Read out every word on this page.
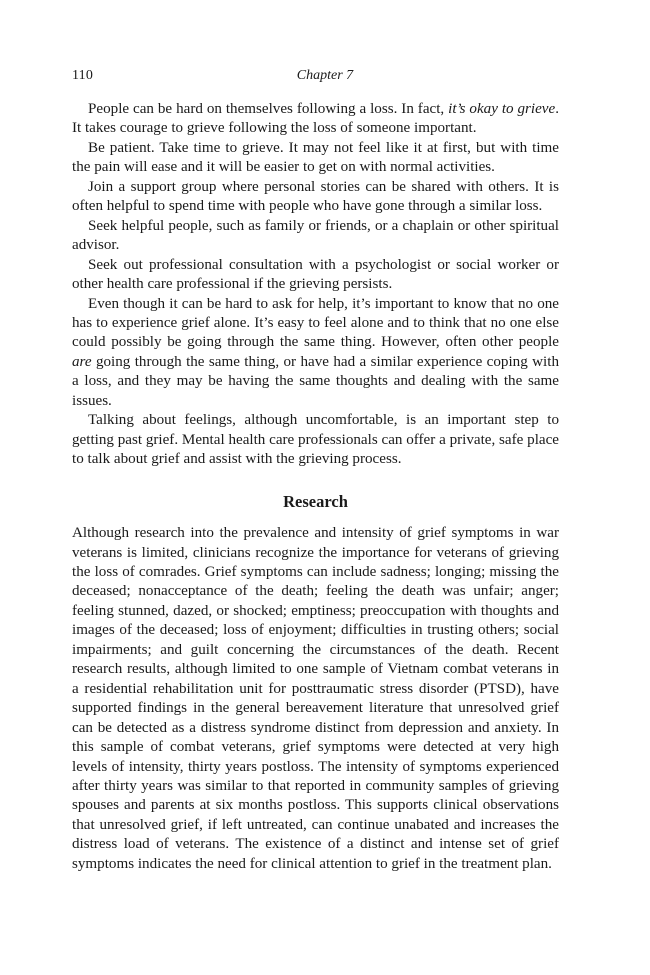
110	Chapter 7

People can be hard on themselves following a loss. In fact, it’s okay to grieve. It takes courage to grieve following the loss of someone important.

Be patient. Take time to grieve. It may not feel like it at first, but with time the pain will ease and it will be easier to get on with normal activities.

Join a support group where personal stories can be shared with others. It is often helpful to spend time with people who have gone through a similar loss.

Seek helpful people, such as family or friends, or a chaplain or other spiritual advisor.

Seek out professional consultation with a psychologist or social worker or other health care professional if the grieving persists.

Even though it can be hard to ask for help, it’s important to know that no one has to experience grief alone. It’s easy to feel alone and to think that no one else could possibly be going through the same thing. However, often other people are going through the same thing, or have had a similar experience coping with a loss, and they may be having the same thoughts and dealing with the same issues.

Talking about feelings, although uncomfortable, is an important step to getting past grief. Mental health care professionals can offer a private, safe place to talk about grief and assist with the grieving process.

Research

Although research into the prevalence and intensity of grief symptoms in war veterans is limited, clinicians recognize the importance for veterans of grieving the loss of comrades. Grief symptoms can include sadness; longing; missing the deceased; nonacceptance of the death; feeling the death was unfair; anger; feeling stunned, dazed, or shocked; emptiness; preoccupation with thoughts and images of the deceased; loss of enjoyment; difficulties in trusting others; social impairments; and guilt concerning the circumstances of the death. Recent research results, although limited to one sample of Vietnam combat veterans in a residential rehabilitation unit for posttraumatic stress disorder (PTSD), have supported findings in the general bereavement literature that unresolved grief can be detected as a distress syndrome distinct from depression and anxiety. In this sample of combat veterans, grief symptoms were detected at very high levels of intensity, thirty years postloss. The intensity of symptoms experienced after thirty years was similar to that reported in community samples of grieving spouses and parents at six months postloss. This supports clinical observations that unresolved grief, if left untreated, can continue unabated and increases the distress load of veterans. The existence of a distinct and intense set of grief symptoms indicates the need for clinical attention to grief in the treatment plan.
